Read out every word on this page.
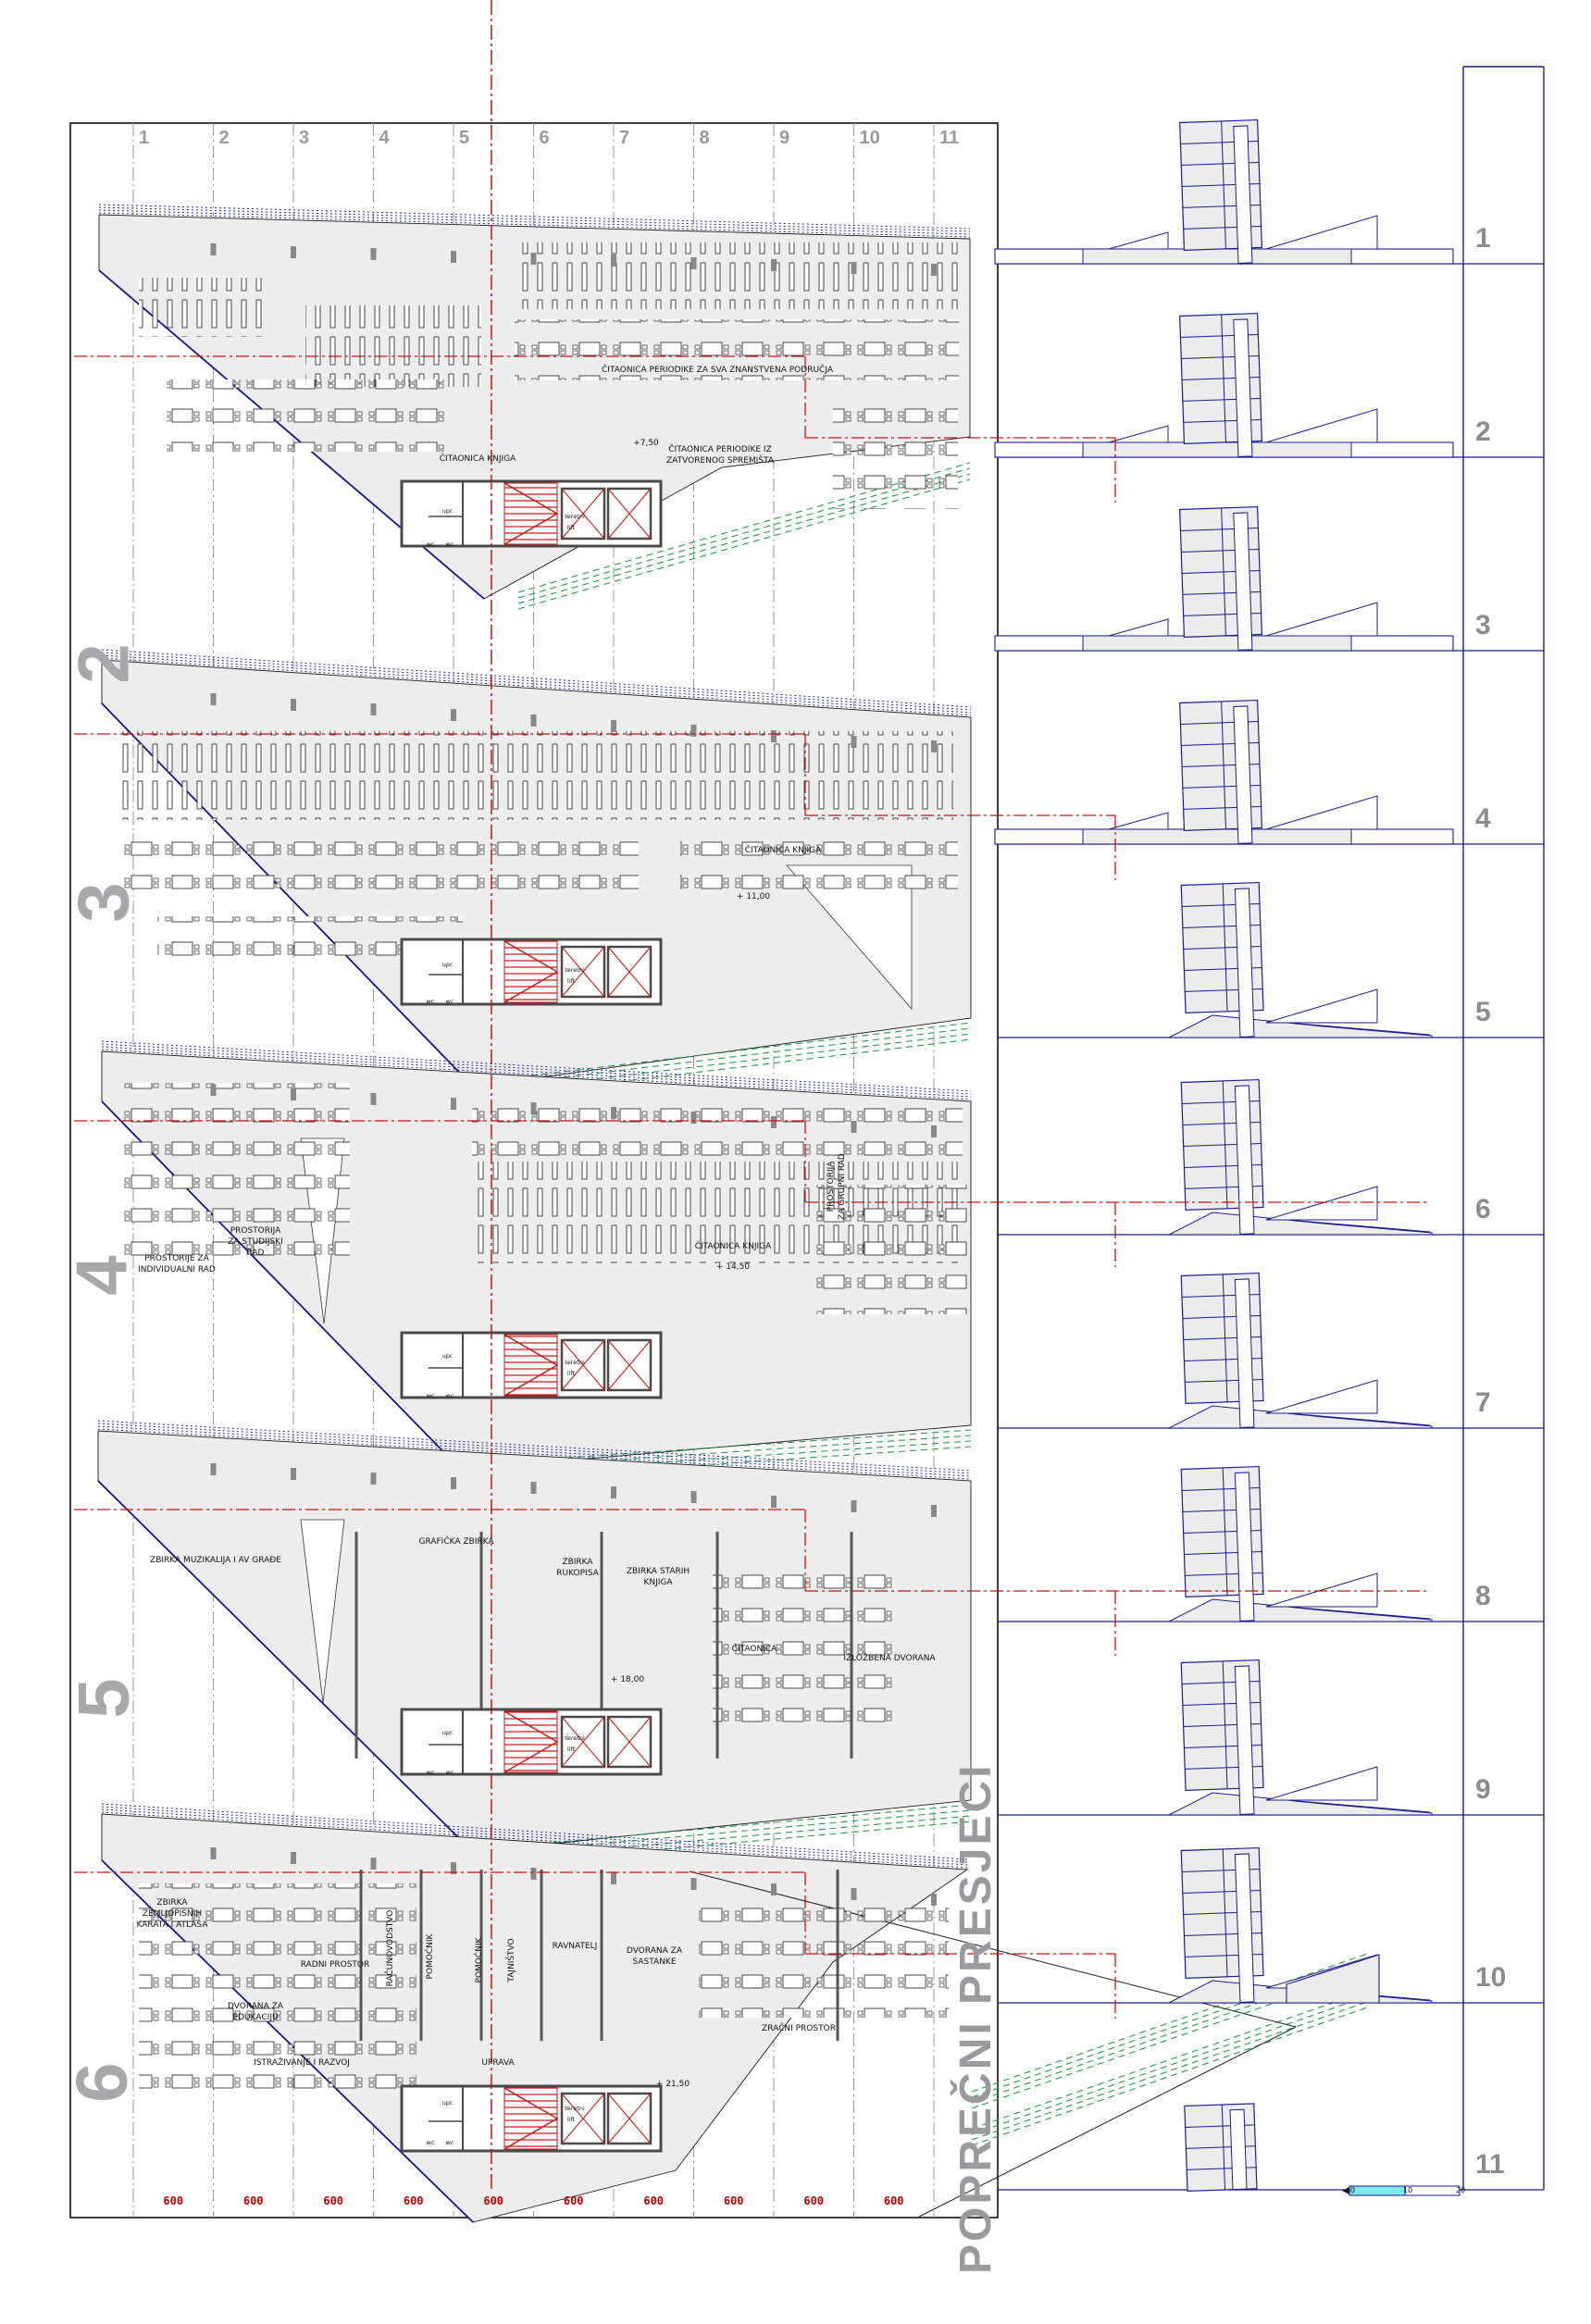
POPREČNI PRESJECI
1	2	3	4	5	6	7	8	9	10	11
600	600	600	600	600	600	600	600	600	600
2
ČITAONICA PERIODIKE ZA SVA ZNANSTVENA PODRUČJA
ČITAONICA KNJIGA
+7,50
ČITAONICA PERIODIKE IZ
ZATVORENOG SPREMIŠTA
upr.
wc wc
teretni
lift
3
ČITAONICA KNJIGA
+ 11,00
upr.
wc wc
teretni
lift
4 PROSTORIJE ZA
INDIVIDUALNI RAD
PROSTORIJA
ZA STUDIJSKI
RAD
ČITAONICA KNJIGA
+ 14,50
PROSTORIJA ZA GRUPNI RAD
upr.
wc wc
teretni
lift
5
ZBIRKA MUZIKALIJA I AV GRAĐE
GRAFIČKA ZBIRKA
ZBIRKA
RUKOPISA	ZBIRKA STARIH
KNJIGA
ČITAONICA
IZLOŽBENA DVORANA
+ 18,00
upr.
wc wc
teretni
lift
6
ZBIRKA
ZEMLJOPISNIH
KARATA I ATLASA
DVORANA ZA
EDUKACIJU
RADNI PROSTOR RAČUNOVODSTVO	POMOĆNIK	POMOĆNIK	TAJNIŠTVO	RAVNATELJ	DVORANA ZA
SASTANKE
ISTRAŽIVANJE I RAZVOJ	UPRAVA
ZRAČNI PROSTOR
+ 21,50
upr.
wc wc
teretni
lift
1
2
3
4
5
6
7
8
9
10
11
0	10	20
